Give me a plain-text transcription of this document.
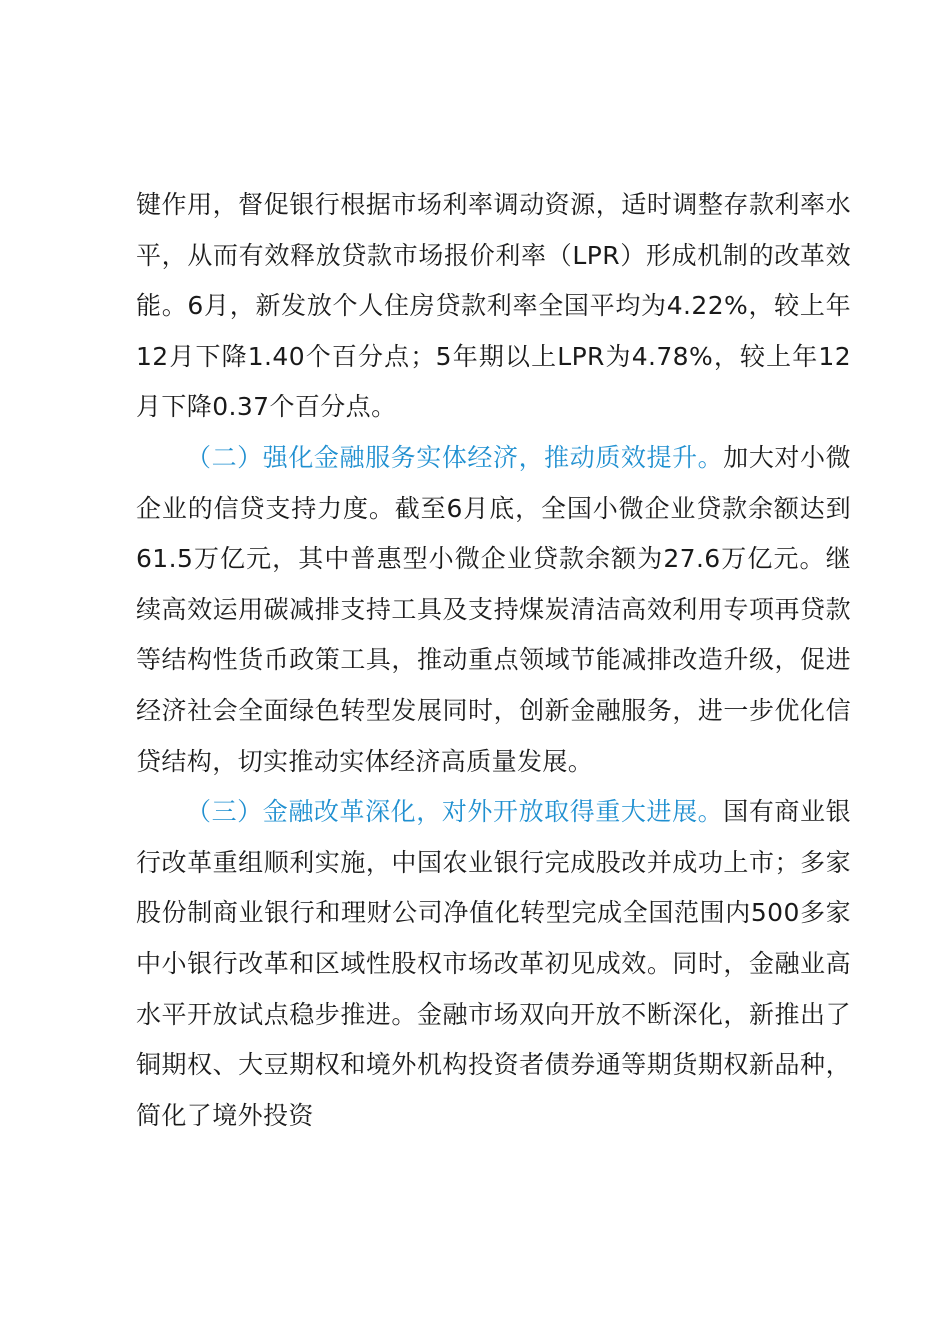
键作用，督促银行根据市场利率调动资源，适时调整存款利率水平，从而有效释放贷款市场报价利率（LPR）形成机制的改革效能。6月，新发放个人住房贷款利率全国平均为4.22%，较上年12月下降1.40个百分点；5年期以上LPR为4.78%，较上年12月下降0.37个百分点。

（二）强化金融服务实体经济，推动质效提升。加大对小微企业的信贷支持力度。截至6月底，全国小微企业贷款余额达到61.5万亿元，其中普惠型小微企业贷款余额为27.6万亿元。继续高效运用碳减排支持工具及支持煤炭清洁高效利用专项再贷款等结构性货币政策工具，推动重点领域节能减排改造升级，促进经济社会全面绿色转型发展同时，创新金融服务，进一步优化信贷结构，切实推动实体经济高质量发展。

（三）金融改革深化，对外开放取得重大进展。国有商业银行改革重组顺利实施，中国农业银行完成股改并成功上市；多家股份制商业银行和理财公司净值化转型完成全国范围内500多家中小银行改革和区域性股权市场改革初见成效。同时，金融业高水平开放试点稳步推进。金融市场双向开放不断深化，新推出了铜期权、大豆期权和境外机构投资者债券通等期货期权新品种，简化了境外投资
